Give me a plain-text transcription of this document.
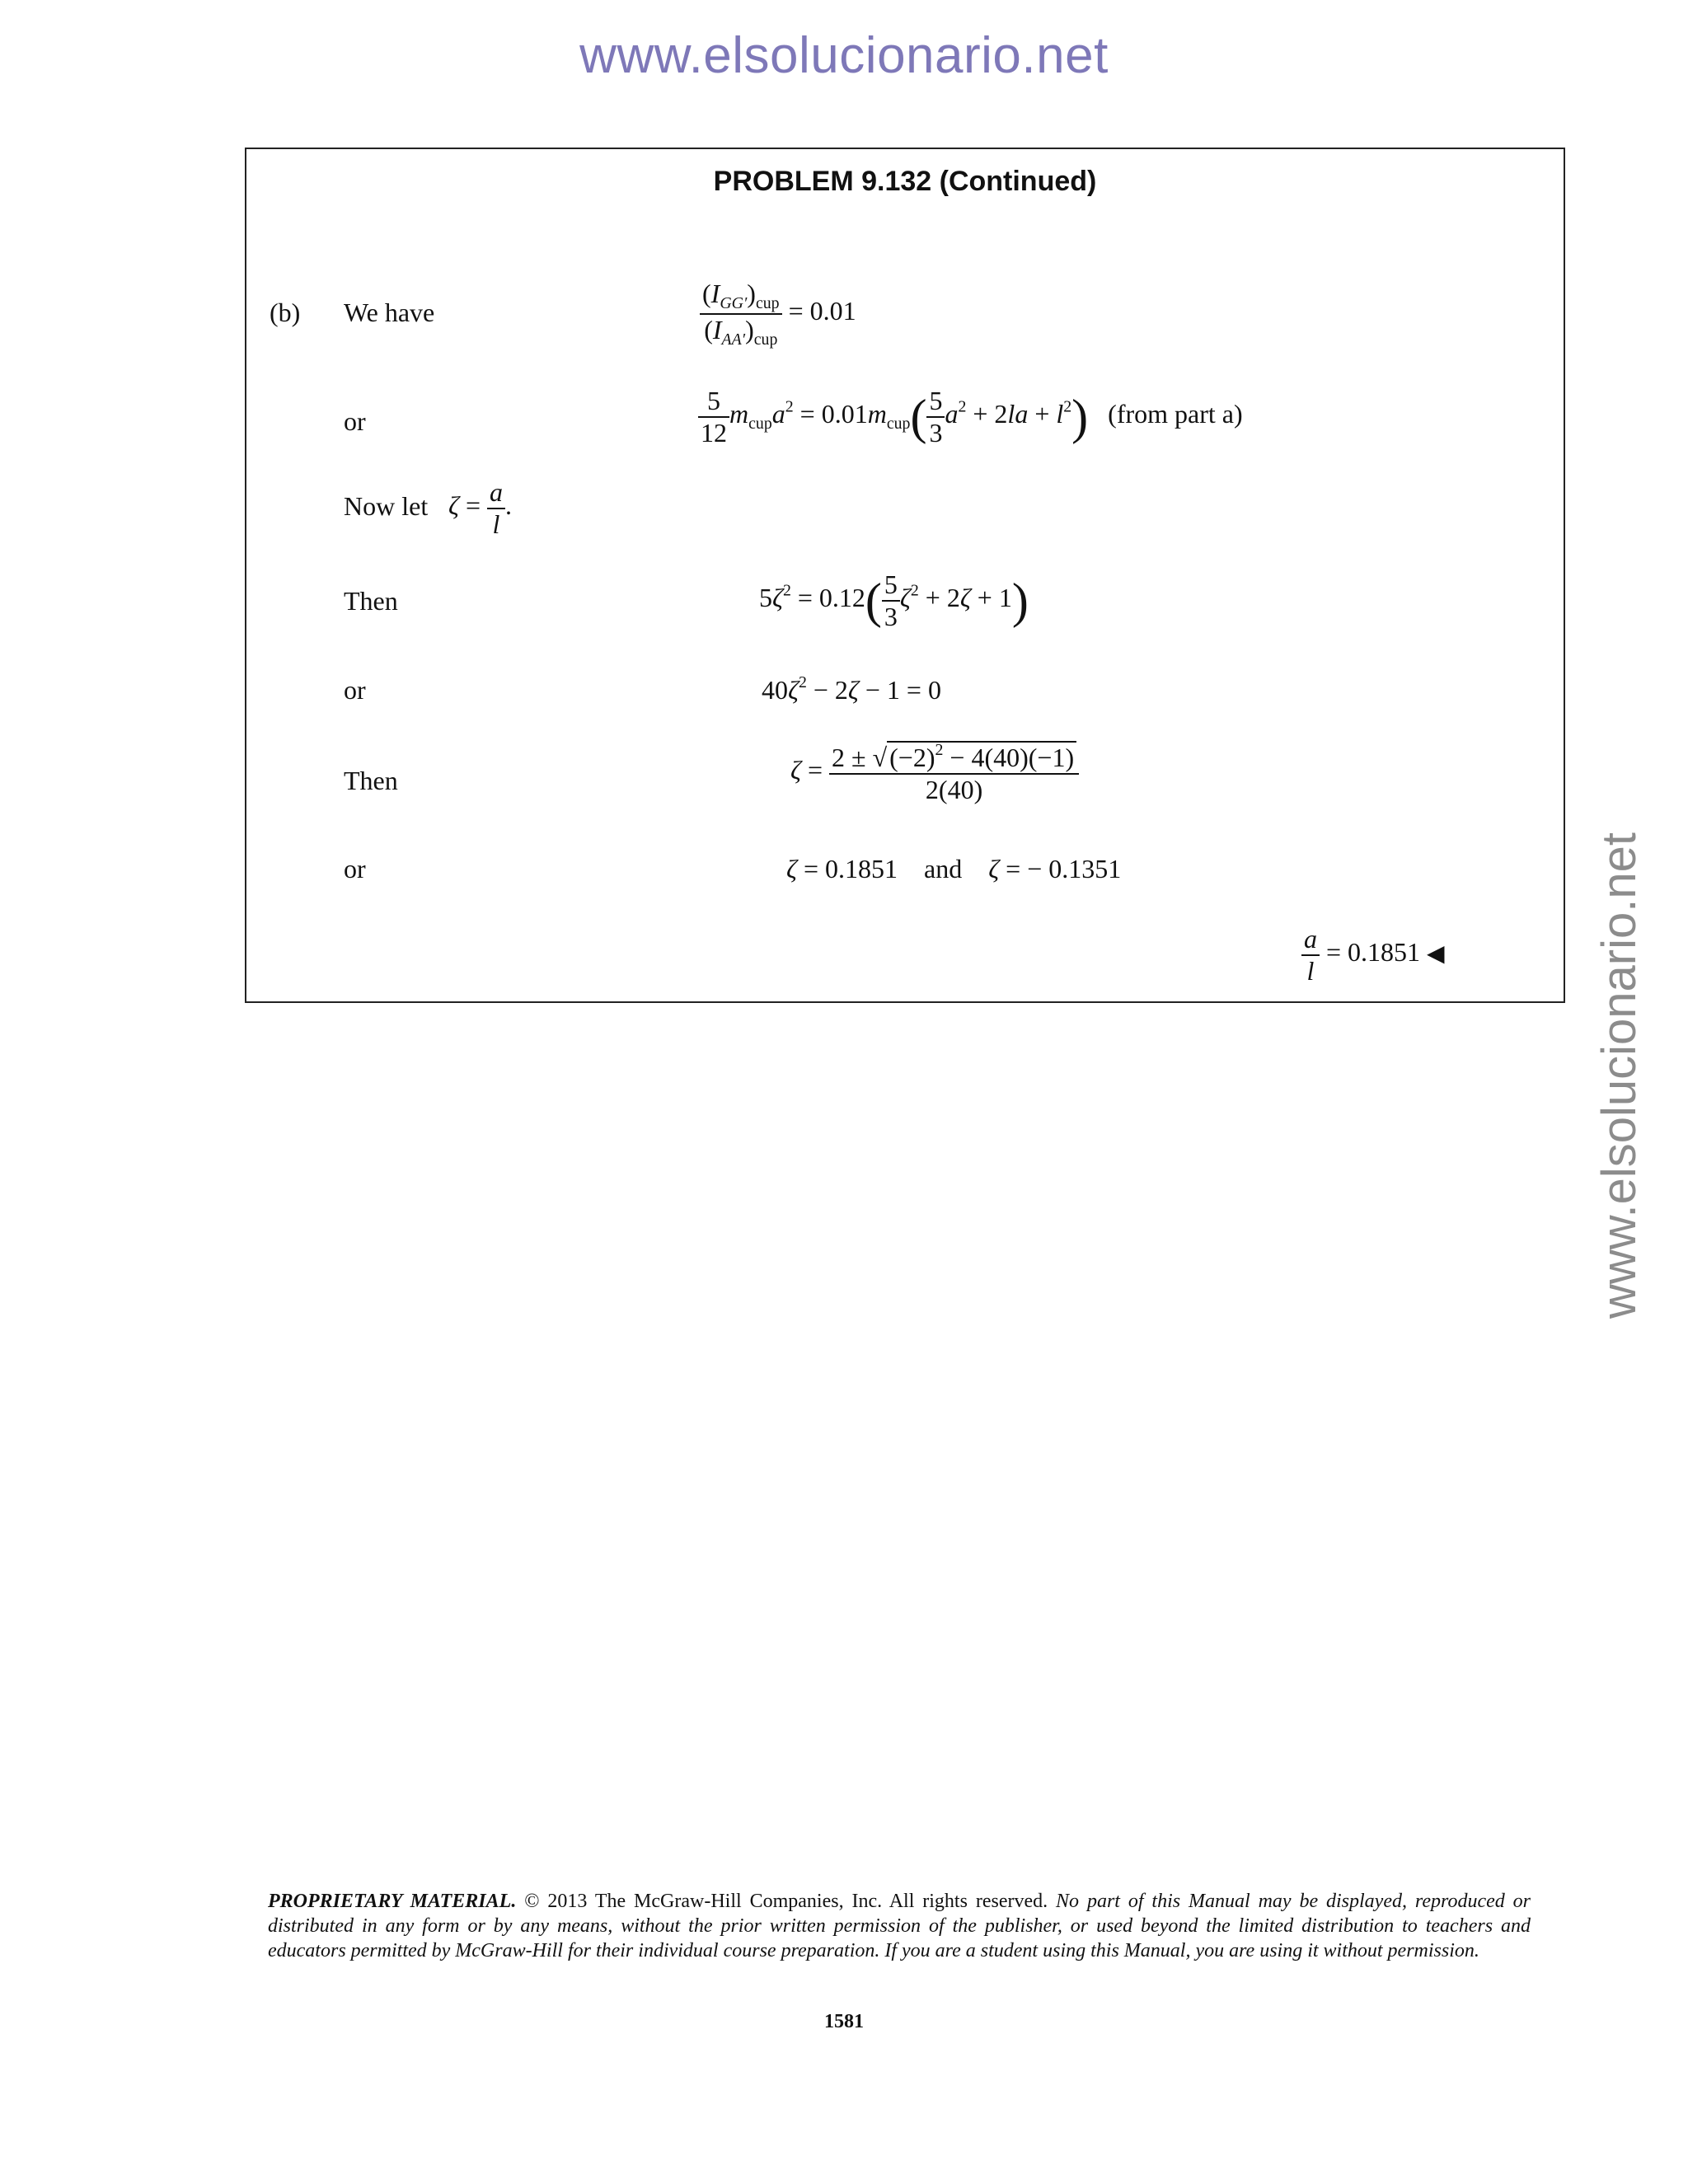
www.elsolucionario.net
www.elsolucionario.net
PROBLEM 9.132 (Continued)
(b) We have
$(I_{GG'})_{cup}$
$(I_{AA'})_{cup}$
= 0.01
or	$\frac{5}{12} m_{cup}a^2 = 0.01m_{cup}( \frac{5}{3} a^2 + 2la + l^2)$ (from part a)
Now let $\zeta = \frac{a}{l}$ .
Then	$5\zeta^2 = 0.12( \frac{5}{3} \zeta^2 + 2\zeta + 1)$
or	$40\zeta^2 - 2\zeta - 1 = 0$
Then	$\zeta = \frac{2 \pm √(-2)^2 - 4(40)(-1)}{2(40)}$
or	ζ = 0.1851    and    ζ = − 0.1351
$\frac{a}{l} = 0.1851$ ◀
PROPRIETARY MATERIAL. © 2013 The McGraw-Hill Companies, Inc. All rights reserved. No part of this Manual may be displayed, reproduced or distributed in any form or by any means, without the prior written permission of the publisher, or used beyond the limited distribution to teachers and educators permitted by McGraw-Hill for their individual course preparation. If you are a student using this Manual, you are using it without permission.
1581
